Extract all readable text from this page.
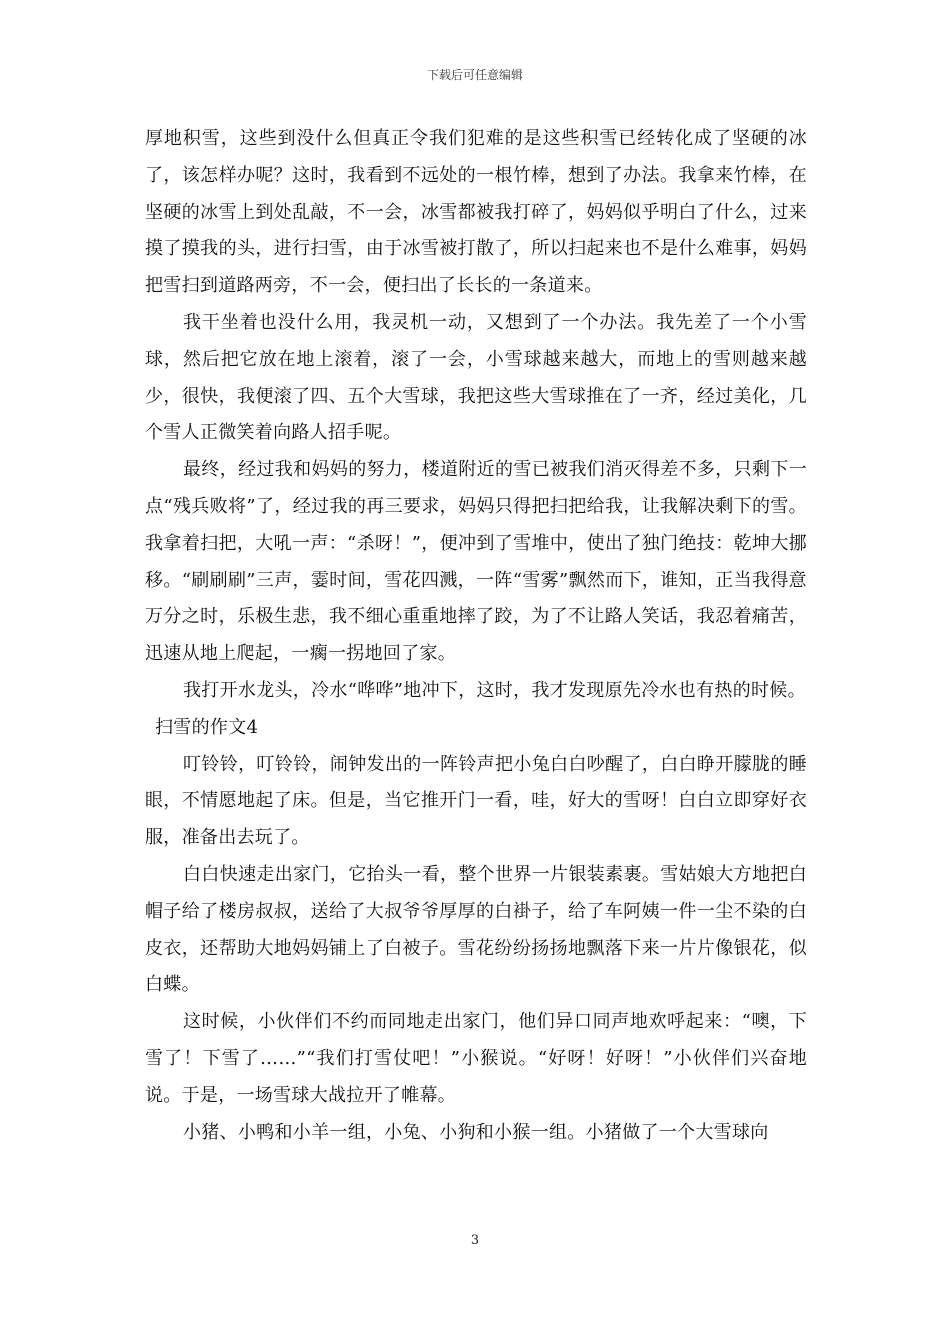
下载后可任意编辑

厚地积雪，这些到没什么但真正令我们犯难的是这些积雪已经转化成了坚硬的冰了，该怎样办呢？这时，我看到不远处的一根竹棒，想到了办法。我拿来竹棒，在坚硬的冰雪上到处乱敲，不一会，冰雪都被我打碎了，妈妈似乎明白了什么，过来摸了摸我的头，进行扫雪，由于冰雪被打散了，所以扫起来也不是什么难事，妈妈把雪扫到道路两旁，不一会，便扫出了长长的一条道来。

我干坐着也没什么用，我灵机一动，又想到了一个办法。我先差了一个小雪球，然后把它放在地上滚着，滚了一会，小雪球越来越大，而地上的雪则越来越少，很快，我便滚了四、五个大雪球，我把这些大雪球推在了一齐，经过美化，几个雪人正微笑着向路人招手呢。

最终，经过我和妈妈的努力，楼道附近的雪已被我们消灭得差不多，只剩下一点“残兵败将”了，经过我的再三要求，妈妈只得把扫把给我，让我解决剩下的雪。我拿着扫把，大吼一声：“杀呀！”，便冲到了雪堆中，使出了独门绝技：乾坤大挪移。“刷刷刷”三声，霎时间，雪花四溅，一阵“雪雾”飘然而下，谁知，正当我得意万分之时，乐极生悲，我不细心重重地摔了跤，为了不让路人笑话，我忍着痛苦，迅速从地上爬起，一瘸一拐地回了家。

我打开水龙头，冷水“哗哗”地冲下，这时，我才发现原先冷水也有热的时候。

扫雪的作文4

叮铃铃，叮铃铃，闹钟发出的一阵铃声把小兔白白吵醒了，白白睁开朦胧的睡眼，不情愿地起了床。但是，当它推开门一看，哇，好大的雪呀！白白立即穿好衣服，准备出去玩了。

白白快速走出家门，它抬头一看，整个世界一片银装素裹。雪姑娘大方地把白帽子给了楼房叔叔，送给了大叔爷爷厚厚的白褂子，给了车阿姨一件一尘不染的白皮衣，还帮助大地妈妈铺上了白被子。雪花纷纷扬扬地飘落下来一片片像银花，似白蝶。

这时候，小伙伴们不约而同地走出家门，他们异口同声地欢呼起来：“噢，下雪了！下雪了……”“我们打雪仗吧！”小猴说。“好呀！好呀！”小伙伴们兴奋地说。于是，一场雪球大战拉开了帷幕。

小猪、小鸭和小羊一组，小兔、小狗和小猴一组。小猪做了一个大雪球向

3
